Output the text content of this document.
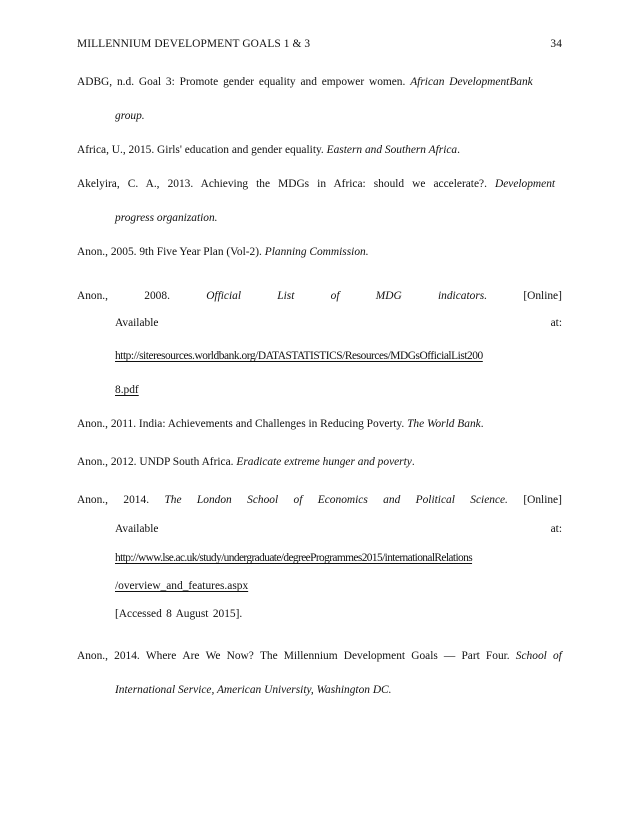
MILLENNIUM DEVELOPMENT GOALS 1 & 3	34
ADBG, n.d. Goal 3: Promote gender equality and empower women. African DevelopmentBank
group.
Africa, U., 2015. Girls' education and gender equality. Eastern and Southern Africa.
Akelyira, C. A., 2013. Achieving the MDGs in Africa: should we accelerate?. Development
progress organization.
Anon., 2005. 9th Five Year Plan (Vol-2). Planning Commission.
Anon.,	2008.	Official	List	of	MDG	indicators.	[Online]
Available	at:
http://siteresources.worldbank.org/DATASTATISTICS/Resources/MDGsOfficialList200
8.pdf
Anon., 2011. India: Achievements and Challenges in Reducing Poverty. The World Bank.
Anon., 2012. UNDP South Africa. Eradicate extreme hunger and poverty.
Anon., 2014. The London School of Economics and Political Science. [Online]
Available	at:
http://www.lse.ac.uk/study/undergraduate/degreeProgrammes2015/internationalRelations
/overview_and_features.aspx
[Accessed 8 August 2015].
Anon., 2014. Where Are We Now? The Millennium Development Goals — Part Four. School of
International Service, American University, Washington DC.
